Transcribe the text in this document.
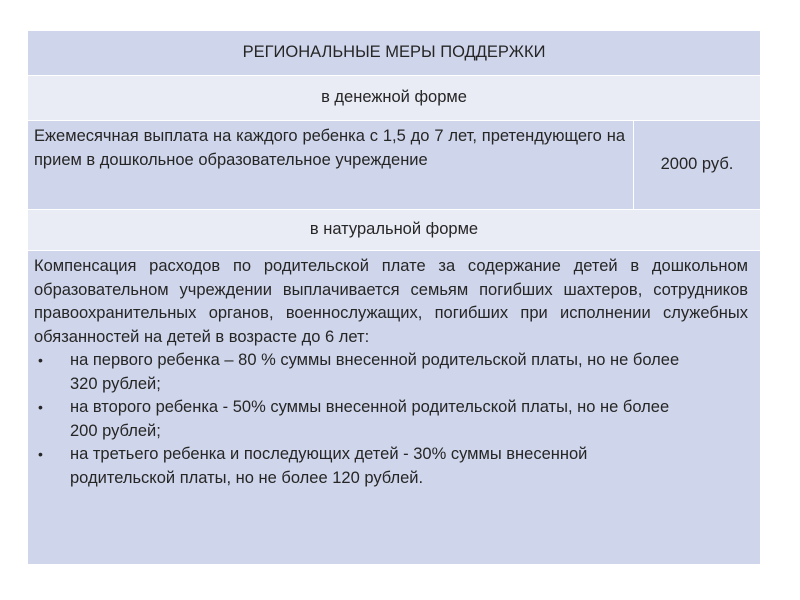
РЕГИОНАЛЬНЫЕ МЕРЫ ПОДДЕРЖКИ
в денежной форме
Ежемесячная выплата на каждого ребенка с 1,5 до 7 лет, претендующего на прием в дошкольное образовательное учреждение	2000 руб.
в натуральной форме

Компенсация расходов по родительской плате за содержание детей в дошкольном образовательном учреждении выплачивается семьям погибших шахтеров, сотрудников правоохранительных органов, военнослужащих, погибших при исполнении служебных обязанностей на детей в возрасте до 6 лет:

• на первого ребенка – 80 % суммы внесенной родительской платы, но не более 320 рублей;
• на второго ребенка - 50% суммы внесенной родительской платы, но не более 200 рублей;
• на третьего ребенка и последующих детей - 30% суммы внесенной родительской платы, но не более 120 рублей.
